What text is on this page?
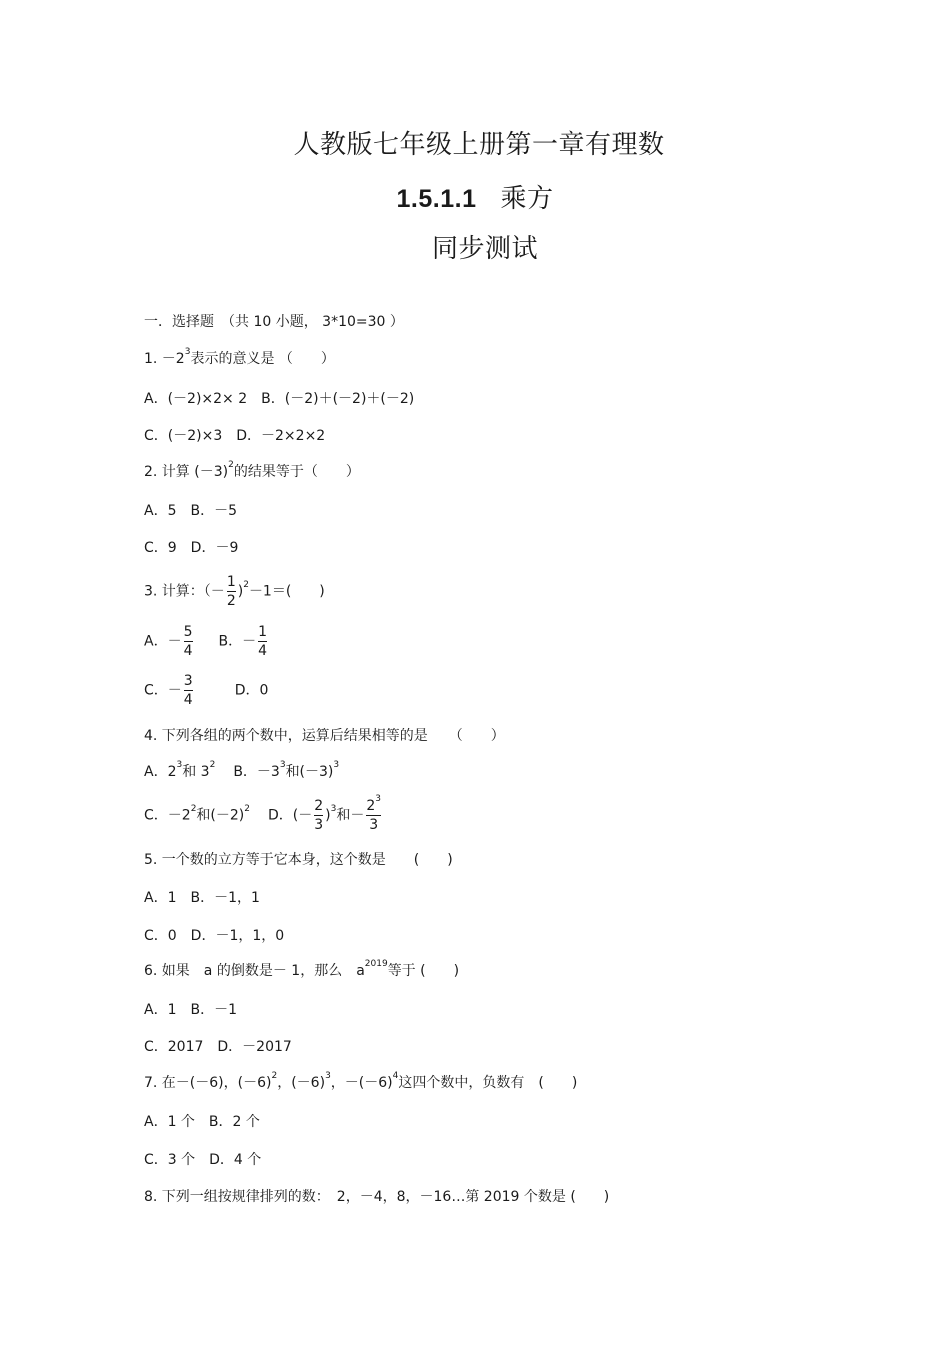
人教版七年级上册第一章有理数
1.5.1.1 乘方
同步测试
一．选择题　（共 10 小题， 3*10=30 ）
1. $-2^3$表示的意义是 （　　）
A．(－2)×2× 2　B．(－2)＋(－2)＋(－2)
C．(－2)×3　D．－2×2×2
2. 计算 $(-3)^2$的结果等于（　　）
A．5　B．－5
C．9　D．－9
3. 计算：（－ $\frac{1}{2} )^2-1=$(　　)
A．－ $\frac{5}{4}$ B．－ $\frac{1}{4}$
C．－ $\frac{3}{4}$	D．0
4. 下列各组的两个数中，运算后结果相等的是　　（　　）
A．$2^3$和 $3^2$ B．$-3^3$和$(-3)^3$
C．$-2^2$和$(-2)^2$ D．(－ $\frac{2}{3} )^3$和－ $\frac{2^3}{3}$
5. 一个数的立方等于它本身，这个数是　　(　　)
A．1　B．－1，1
C．0　D．－1，1，0
6. 如果　a 的倒数是－ 1，那么　$a^{2019}$等于 (　　)
A．1　B．－1
C．2017　D．－2017
7. 在－(－6)，$(-6)^2$，$(-6)^3$，$-(-6)^4$这四个数中，负数有　(　　)
A．1 个　B．2 个
C．3 个　D．4 个
8. 下列一组按规律排列的数：　2，－4，8，－16…第 2019 个数是 (　　)
